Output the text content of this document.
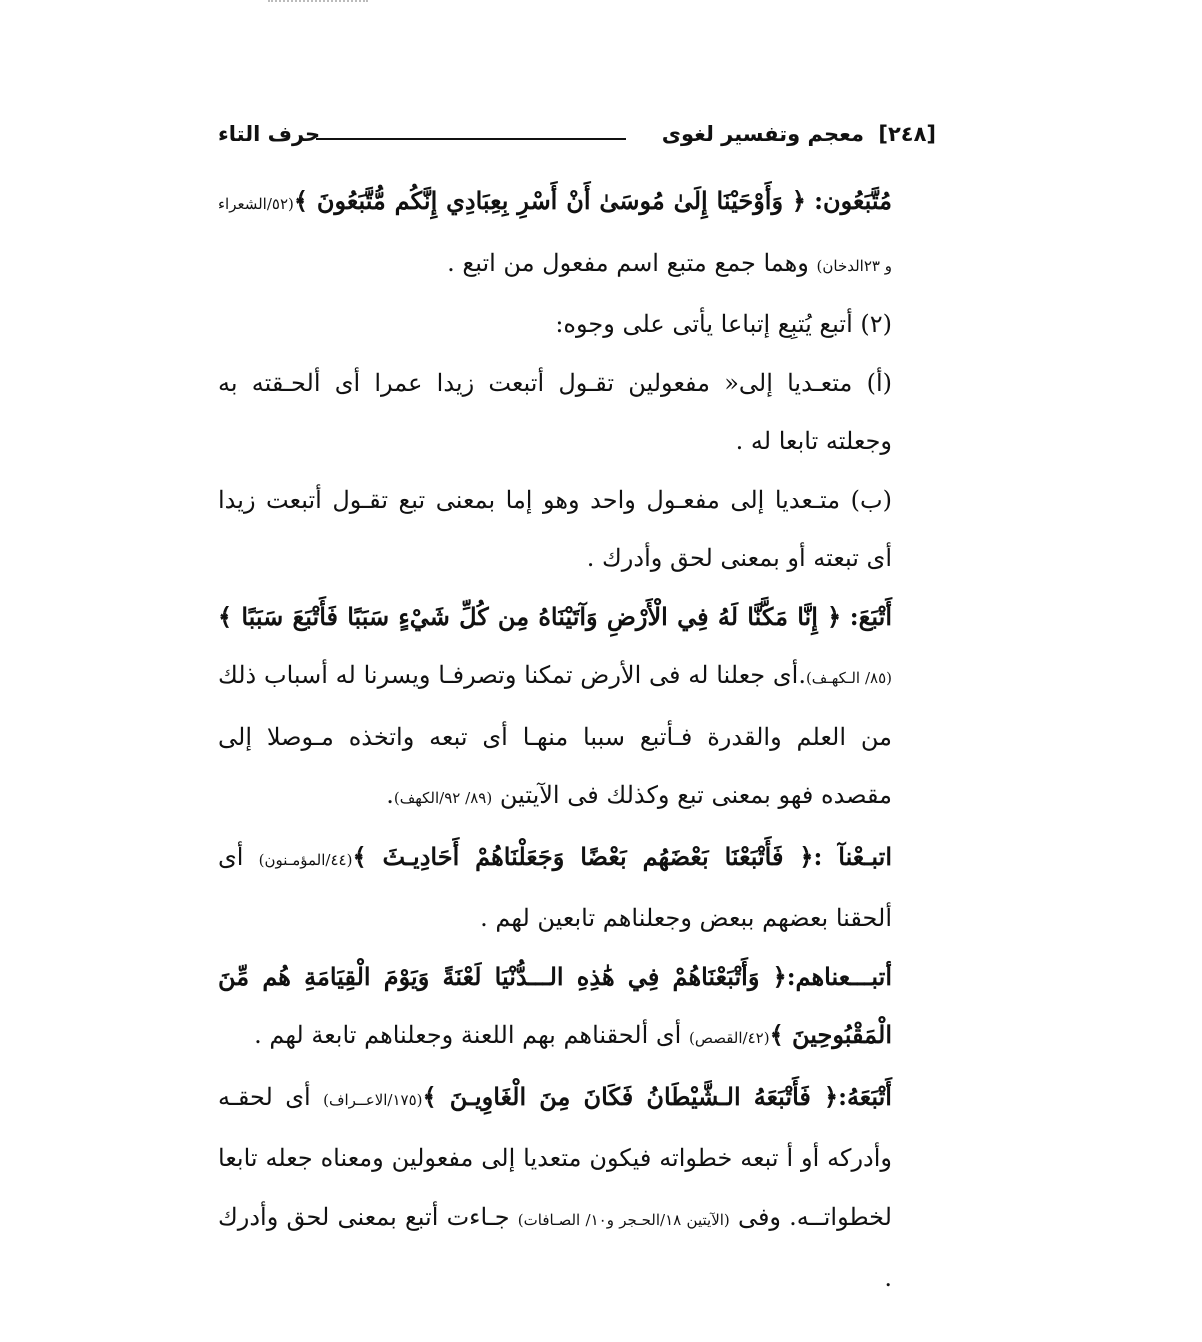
[٢٤٨]
معجم وتفسير لغوى
حرف التاء

مُتَّبَعُون: ﴿ وَأَوْحَيْنَا إِلَىٰ مُوسَىٰ أَنْ أَسْرِ بِعِبَادِي إِنَّكُم مُّتَّبَعُونَ ﴾(٥٢/الشعراء و ٢٣الدخان) وهما جمع متبع اسم مفعول من اتبع .

(٢) أتبع يُتبِع إتباعا يأتى على وجوه:

(أ) متعـديا إلى« مفعولين تقـول أتبعت زيدا عمرا أى ألحـقته به وجعلته تابعا له .

(ب) متـعديا إلى مفعـول واحد وهو إما بمعنى تبع تقـول أتبعت زيدا أى تبعته أو بمعنى لحق وأدرك .

أَتْبَعَ: ﴿ إِنَّا مَكَّنَّا لَهُ فِي الْأَرْضِ وَآتَيْنَاهُ مِن كُلِّ شَيْءٍ سَبَبًا فَأَتْبَعَ سَبَبًا ﴾ (٨٥/ الـكهـف).أى جعلنا له فى الأرض تمكنا وتصرفـا ويسرنا له أسباب ذلك من العلم والقدرة فـأتبع سببا منهـا أى تبعه واتخذه مـوصلا إلى مقصده فهو بمعنى تبع وكذلك فى الآيتين (٨٩/ ٩٢/الكهف).

اتبـعْنآ :﴿ فَأَتْبَعْنَا بَعْضَهُم بَعْضًا وَجَعَلْنَاهُمْ أَحَادِيـثَ ﴾(٤٤/المؤمـنون) أى ألحقنا بعضهم ببعض وجعلناهم تابعين لهم .

أتبـــعناهم:﴿ وَأَتْبَعْنَاهُمْ فِي هَٰذِهِ الـــدُّنْيَا لَعْنَةً وَيَوْمَ الْقِيَامَةِ هُم مِّنَ الْمَقْبُوحِينَ ﴾(٤٢/القصص) أى ألحقناهم بهم اللعنة وجعلناهم تابعة لهم .

أَتْبَعَهُ:﴿ فَأَتْبَعَهُ الـشَّيْطَانُ فَكَانَ مِنَ الْغَاوِيـنَ ﴾(١٧٥/الاعــراف) أى لحقـه وأدركه أو أ تبعه خطواته فيكون متعديا إلى مفعولين ومعناه جعله تابعا لخطواتــه. وفى (الآيتين ١٨/الحـجر و١٠/ الصـافات) جـاءت أتبع بمعنى لحق وأدرك .
